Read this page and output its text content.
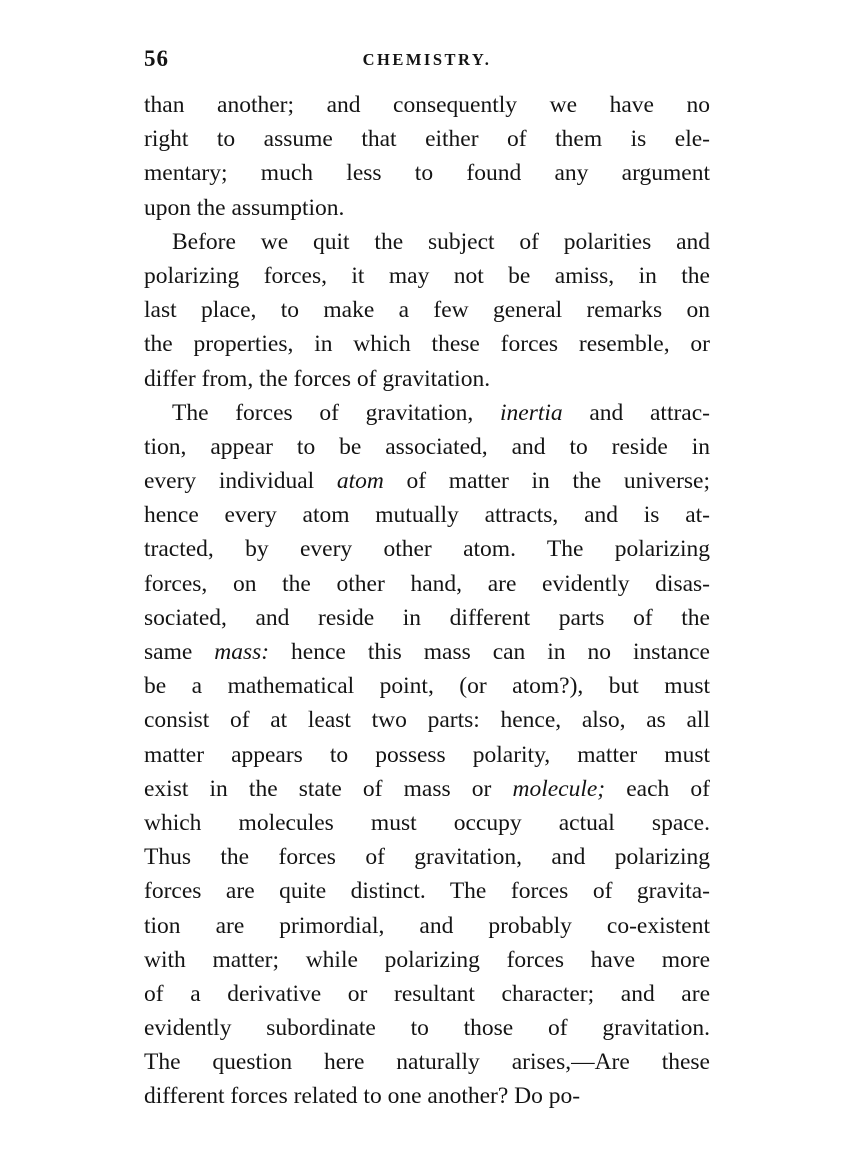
56	CHEMISTRY.
than another; and consequently we have no
right to assume that either of them is ele-
mentary; much less to found any argument
upon the assumption.
Before we quit the subject of polarities and
polarizing forces, it may not be amiss, in the
last place, to make a few general remarks on
the properties, in which these forces resemble, or
differ from, the forces of gravitation.
The forces of gravitation, inertia and attrac-
tion, appear to be associated, and to reside in
every individual atom of matter in the universe;
hence every atom mutually attracts, and is at-
tracted, by every other atom. The polarizing
forces, on the other hand, are evidently disas-
sociated, and reside in different parts of the
same mass: hence this mass can in no instance
be a mathematical point, (or atom?), but must
consist of at least two parts: hence, also, as all
matter appears to possess polarity, matter must
exist in the state of mass or molecule; each of
which molecules must occupy actual space.
Thus the forces of gravitation, and polarizing
forces are quite distinct. The forces of gravita-
tion are primordial, and probably co-existent
with matter; while polarizing forces have more
of a derivative or resultant character; and are
evidently subordinate to those of gravitation.
The question here naturally arises,—Are these
different forces related to one another? Do po-
